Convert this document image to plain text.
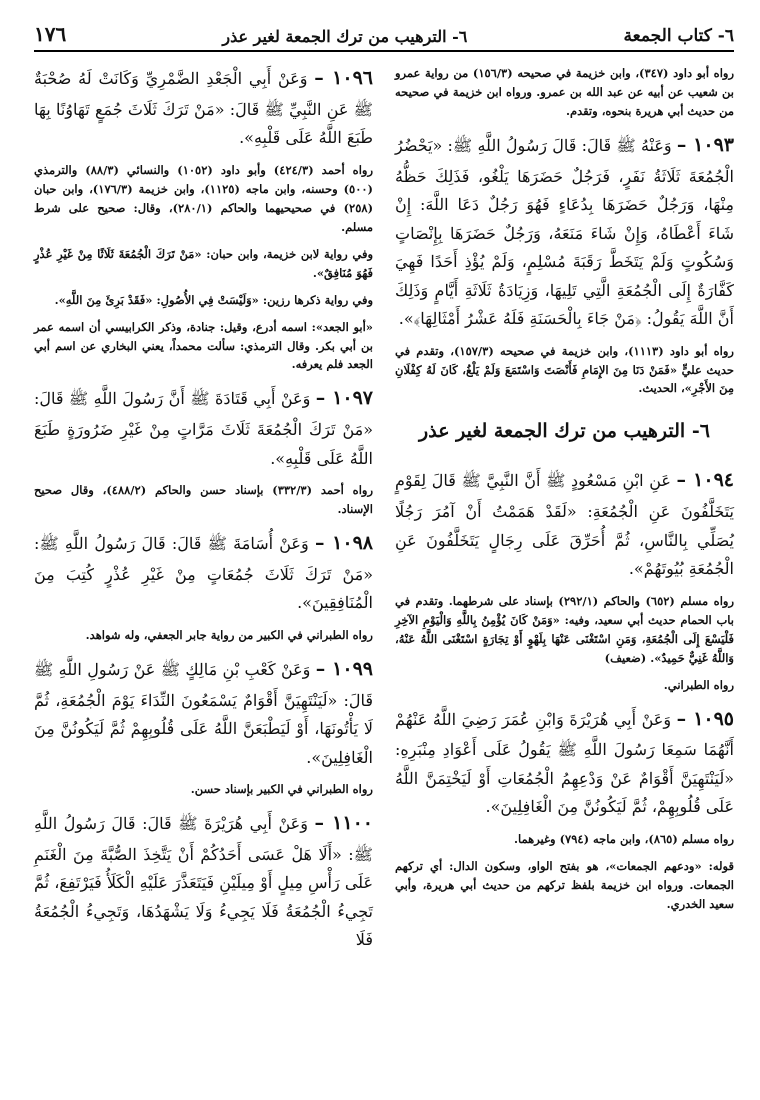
٦- كتاب الجمعة
٦- الترهيب من ترك الجمعة لغير عذر
١٧٦

رواه أبو داود (٣٤٧)، وابن خزيمة في صحيحه (١٥٦/٣) من رواية عمرو بن شعيب عن أبيه عن عبد الله بن عمرو. ورواه ابن خزيمة في صحيحه من حديث أبي هريرة بنحوه، وتقدم.

١٠٩٣ – وَعَنْهُ ﷺ قَالَ: قَالَ رَسُولُ اللَّهِ ﷺ: «يَحْضُرُ الْجُمُعَةَ ثَلَاثَةُ نَفَرٍ، فَرَجُلٌ حَضَرَهَا يَلْغُو، فَذَلِكَ حَظُّهُ مِنْهَا، وَرَجُلٌ حَضَرَهَا بِدُعَاءٍ فَهُوَ رَجُلٌ دَعَا اللَّهَ: إِنْ شَاءَ أَعْطَاهُ، وَإِنْ شَاءَ مَنَعَهُ، وَرَجُلٌ حَضَرَهَا بِإِنْصَاتٍ وَسُكُوتٍ وَلَمْ يَتَخَطَّ رَقَبَةَ مُسْلِمٍ، وَلَمْ يُؤْذِ أَحَدًا فَهِيَ كَفَّارَةٌ إِلَى الْجُمُعَةِ الَّتِي تَلِيهَا، وَزِيَادَةُ ثَلَاثَةِ أَيَّامٍ وَذَلِكَ أَنَّ اللَّهَ يَقُولُ: ﴿مَنْ جَاءَ بِالْحَسَنَةِ فَلَهُ عَشْرُ أَمْثَالِهَا﴾».

رواه أبو داود (١١١٣)، وابن خزيمة في صحيحه (١٥٧/٣)، وتقدم في حديث عليٍّ «فَمَنْ دَنَا مِنَ الإِمَامِ فَأَنْصَتَ وَاسْتَمَعَ وَلَمْ يَلْغُ، كَانَ لَهُ كِفْلَانِ مِنَ الأَجْرِ»، الحديث.

٦- الترهيب من ترك الجمعة لغير عذر

١٠٩٤ – عَنِ ابْنِ مَسْعُودٍ ﷺ أَنَّ النَّبِيَّ ﷺ قَالَ لِقَوْمٍ يَتَخَلَّفُونَ عَنِ الْجُمُعَةِ: «لَقَدْ هَمَمْتُ أَنْ آمُرَ رَجُلًا يُصَلِّي بِالنَّاسِ، ثُمَّ أُحَرِّقَ عَلَى رِجَالٍ يَتَخَلَّفُونَ عَنِ الْجُمُعَةِ بُيُوتَهُمْ».

رواه مسلم (٦٥٢) والحاكم (٢٩٢/١) بإسناد على شرطهما. وتقدم في باب الحمام حديث أبي سعيد، وفيه: «وَمَنْ كَانَ يُؤْمِنُ بِاللَّهِ وَالْيَوْمِ الآخِرِ فَلْيَسْعَ إِلَى الْجُمُعَةِ، وَمَنِ اسْتَغْنَى عَنْهَا بِلَهْوٍ أَوْ تِجَارَةٍ اسْتَغْنَى اللَّهُ عَنْهُ، وَاللَّهُ غَنِيٌّ حَمِيدٌ». (ضعيف)

رواه الطبراني.

١٠٩٥ – وَعَنْ أَبِي هُرَيْرَةَ وَابْنِ عُمَرَ رَضِيَ اللَّهُ عَنْهُمْ أَنَّهُمَا سَمِعَا رَسُولَ اللَّهِ ﷺ يَقُولُ عَلَى أَعْوَادِ مِنْبَرِهِ: «لَيَنْتَهِيَنَّ أَقْوَامٌ عَنْ وَدْعِهِمُ الْجُمُعَاتِ أَوْ لَيَخْتِمَنَّ اللَّهُ عَلَى قُلُوبِهِمْ، ثُمَّ لَيَكُونُنَّ مِنَ الْغَافِلِينَ».

رواه مسلم (٨٦٥)، وابن ماجه (٧٩٤) وغيرهما.

قوله: «ودعهم الجمعات»، هو بفتح الواو، وسكون الدال: أي تركهم الجمعات. ورواه ابن خزيمة بلفظ تركهم من حديث أبي هريرة، وأبي سعيد الخدري.

١٠٩٦ – وَعَنْ أَبِي الْجَعْدِ الضَّمْرِيِّ وَكَانَتْ لَهُ صُحْبَةٌ ﷺ عَنِ النَّبِيِّ ﷺ قَالَ: «مَنْ تَرَكَ ثَلَاثَ جُمَعٍ تَهَاوُنًا بِهَا طَبَعَ اللَّهُ عَلَى قَلْبِهِ».

رواه أحمد (٤٢٤/٣) وأبو داود (١٠٥٢) والنسائي (٨٨/٣) والترمذي (٥٠٠) وحسنه، وابن ماجه (١١٢٥)، وابن خزيمة (١٧٦/٣)، وابن حبان (٢٥٨) في صحيحيهما والحاكم (٢٨٠/١)، وقال: صحيح على شرط مسلم.

وفي رواية لابن خزيمة، وابن حبان: «مَنْ تَرَكَ الْجُمُعَةَ ثَلَاثًا مِنْ غَيْرِ عُذْرٍ فَهُوَ مُنَافِقٌ».

وفي رواية ذكرها رزين: «وَلَيْسَتْ فِي الأُصُولِ: «فَقَدْ بَرِئَ مِنَ اللَّهِ».

«أبو الجعد»: اسمه أدرع، وقيل: جنادة، وذكر الكرابيسي أن اسمه عمر بن أبي بكر. وقال الترمذي: سألت محمداً، يعني البخاري عن اسم أبي الجعد فلم يعرفه.

١٠٩٧ – وَعَنْ أَبِي قَتَادَةَ ﷺ أَنَّ رَسُولَ اللَّهِ ﷺ قَالَ: «مَنْ تَرَكَ الْجُمُعَةَ ثَلَاثَ مَرَّاتٍ مِنْ غَيْرِ ضَرُورَةٍ طَبَعَ اللَّهُ عَلَى قَلْبِهِ».

رواه أحمد (٣٣٢/٣) بإسناد حسن والحاكم (٤٨٨/٢)، وقال صحيح الإسناد.

١٠٩٨ – وَعَنْ أُسَامَةَ ﷺ قَالَ: قَالَ رَسُولُ اللَّهِ ﷺ: «مَنْ تَرَكَ ثَلَاثَ جُمُعَاتٍ مِنْ غَيْرِ عُذْرٍ كُتِبَ مِنَ الْمُنَافِقِينَ».

رواه الطبراني في الكبير من رواية جابر الجعفي، وله شواهد.

١٠٩٩ – وَعَنْ كَعْبِ بْنِ مَالِكٍ ﷺ عَنْ رَسُولِ اللَّهِ ﷺ قَالَ: «لَيَنْتَهِيَنَّ أَقْوَامٌ يَسْمَعُونَ النِّدَاءَ يَوْمَ الْجُمُعَةِ، ثُمَّ لَا يَأْتُونَهَا، أَوْ لَيَطْبَعَنَّ اللَّهُ عَلَى قُلُوبِهِمْ ثُمَّ لَيَكُونُنَّ مِنَ الْغَافِلِينَ».

رواه الطبراني في الكبير بإسناد حسن.

١١٠٠ – وَعَنْ أَبِي هُرَيْرَةَ ﷺ قَالَ: قَالَ رَسُولُ اللَّهِ ﷺ: «أَلَا هَلْ عَسَى أَحَدُكُمْ أَنْ يَتَّخِذَ الصُّبَّةَ مِنَ الْغَنَمِ عَلَى رَأْسِ مِيلٍ أَوْ مِيلَيْنِ فَيَتَعَذَّرَ عَلَيْهِ الْكَلَأُ فَيَرْتَفِعَ، ثُمَّ تَجِيءُ الْجُمُعَةُ فَلَا يَجِيءُ وَلَا يَشْهَدُهَا، وَتَجِيءُ الْجُمُعَةُ فَلَا
